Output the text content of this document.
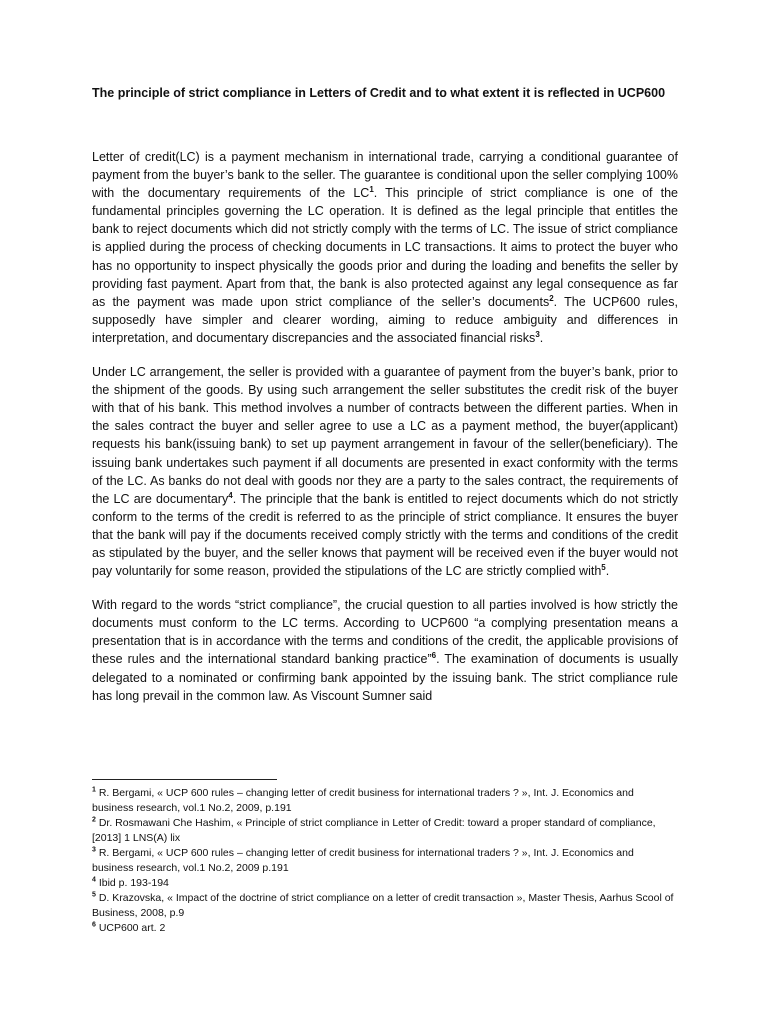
The principle of strict compliance in Letters of Credit and to what extent it is reflected in UCP600

Letter of credit(LC) is a payment mechanism in international trade, carrying a conditional guarantee of payment from the buyer’s bank to the seller. The guarantee is conditional upon the seller complying 100% with the documentary requirements of the $LC^1$. This principle of strict compliance is one of the fundamental principles governing the LC operation. It is defined as the legal principle that entitles the bank to reject documents which did not strictly comply with the terms of LC. The issue of strict compliance is applied during the process of checking documents in LC transactions. It aims to protect the buyer who has no opportunity to inspect physically the goods prior and during the loading and benefits the seller by providing fast payment. Apart from that, the bank is also protected against any legal consequence as far as the payment was made upon strict compliance of the seller’s documents$^2$. The UCP600 rules, supposedly have simpler and clearer wording, aiming to reduce ambiguity and differences in interpretation, and documentary discrepancies and the associated financial risks$^3$.

Under LC arrangement, the seller is provided with a guarantee of payment from the buyer’s bank, prior to the shipment of the goods. By using such arrangement the seller substitutes the credit risk of the buyer with that of his bank. This method involves a number of contracts between the different parties. When in the sales contract the buyer and seller agree to use a LC as a payment method, the buyer(applicant) requests his bank(issuing bank) to set up payment arrangement in favour of the seller(beneficiary). The issuing bank undertakes such payment if all documents are presented in exact conformity with the terms of the LC. As banks do not deal with goods nor they are a party to the sales contract, the requirements of the LC are documentary$^4$. The principle that the bank is entitled to reject documents which do not strictly conform to the terms of the credit is referred to as the principle of strict compliance. It ensures the buyer that the bank will pay if the documents received comply strictly with the terms and conditions of the credit as stipulated by the buyer, and the seller knows that payment will be received even if the buyer would not pay voluntarily for some reason, provided the stipulations of the LC are strictly complied with$^5$.

With regard to the words “strict compliance”, the crucial question to all parties involved is how strictly the documents must conform to the LC terms. According to UCP600 “a complying presentation means a presentation that is in accordance with the terms and conditions of the credit, the applicable provisions of these rules and the international standard banking practice”$^6$. The examination of documents is usually delegated to a nominated or confirming bank appointed by the issuing bank. The strict compliance rule has long prevail in the common law. As Viscount Sumner said

$^1$ R. Bergami, « UCP 600 rules – changing letter of credit business for international traders ? », Int. J. Economics and business research, vol.1 No.2, 2009, p.191

$^2$ Dr. Rosmawani Che Hashim, « Principle of strict compliance in Letter of Credit: toward a proper standard of compliance, [2013] 1 LNS(A) lix

$^3$ R. Bergami, « UCP 600 rules – changing letter of credit business for international traders ? », Int. J. Economics and business research, vol.1 No.2, 2009 p.191

$^4$ Ibid p. 193-194

$^5$ D. Krazovska, « Impact of the doctrine of strict compliance on a letter of credit transaction », Master Thesis, Aarhus Scool of Business, 2008, p.9

$^6$ UCP600 art. 2
